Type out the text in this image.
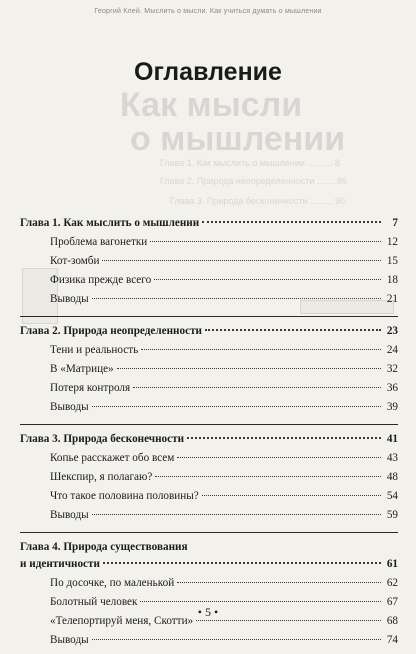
Георгий Клей. Мыслить о мысли. Как учиться думать о мышлении
Как мысли
о мышлении
Глава 1. Как мыслить о мышлении .......... 8
Глава 2. Природа неопределенности ....... 86
Глава 3. Природа бесконечности ......... 90
Оглавление
Глава 1. Как мыслить о мышлении	7
Проблема вагонетки	12
Кот-зомби	15
Физика прежде всего	18
Выводы	21
Глава 2. Природа неопределенности	23
Тени и реальность	24
В «Матрице»	32
Потеря контроля	36
Выводы	39
Глава 3. Природа бесконечности	41
Копье расскажет обо всем	43
Шекспир, я полагаю?	48
Что такое половина половины?	54
Выводы	59
Глава 4. Природа существования
и идентичности	61
По досочке, по маленькой	62
Болотный человек	67
«Телепортируй меня, Скотти»	68
Выводы	74
• 5 •
